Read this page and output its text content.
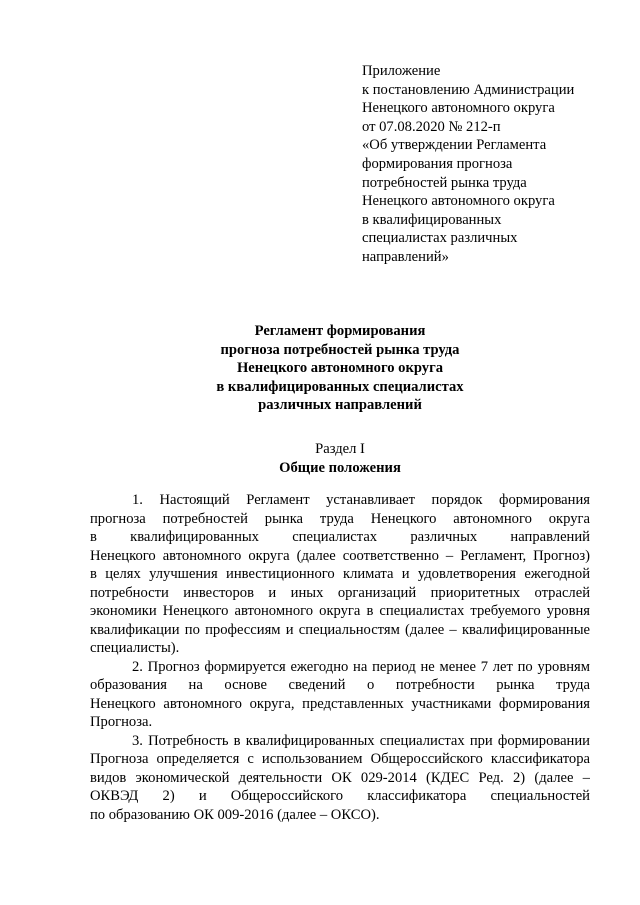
Приложение
к постановлению Администрации
Ненецкого автономного округа
от 07.08.2020 № 212-п
«Об утверждении Регламента
формирования прогноза
потребностей рынка труда
Ненецкого автономного округа
в квалифицированных
специалистах различных
направлений»
Регламент формирования
прогноза потребностей рынка труда
Ненецкого автономного округа
в квалифицированных специалистах
различных направлений
Раздел I
Общие положения
1. Настоящий Регламент устанавливает порядок формирования
прогноза потребностей рынка труда Ненецкого автономного округа
в квалифицированных специалистах различных направлений
Ненецкого автономного округа (далее соответственно – Регламент, Прогноз)
в целях улучшения инвестиционного климата и удовлетворения ежегодной
потребности инвесторов и иных организаций приоритетных отраслей
экономики Ненецкого автономного округа в специалистах требуемого уровня
квалификации по профессиям и специальностям (далее – квалифицированные
специалисты).
2. Прогноз формируется ежегодно на период не менее 7 лет по уровням
образования на основе сведений о потребности рынка труда
Ненецкого автономного округа, представленных участниками формирования
Прогноза.
3. Потребность в квалифицированных специалистах при формировании
Прогноза определяется с использованием Общероссийского классификатора
видов экономической деятельности ОК 029-2014 (КДЕС Ред. 2) (далее –
ОКВЭД 2) и Общероссийского классификатора специальностей
по образованию ОК 009-2016 (далее – ОКСО).
